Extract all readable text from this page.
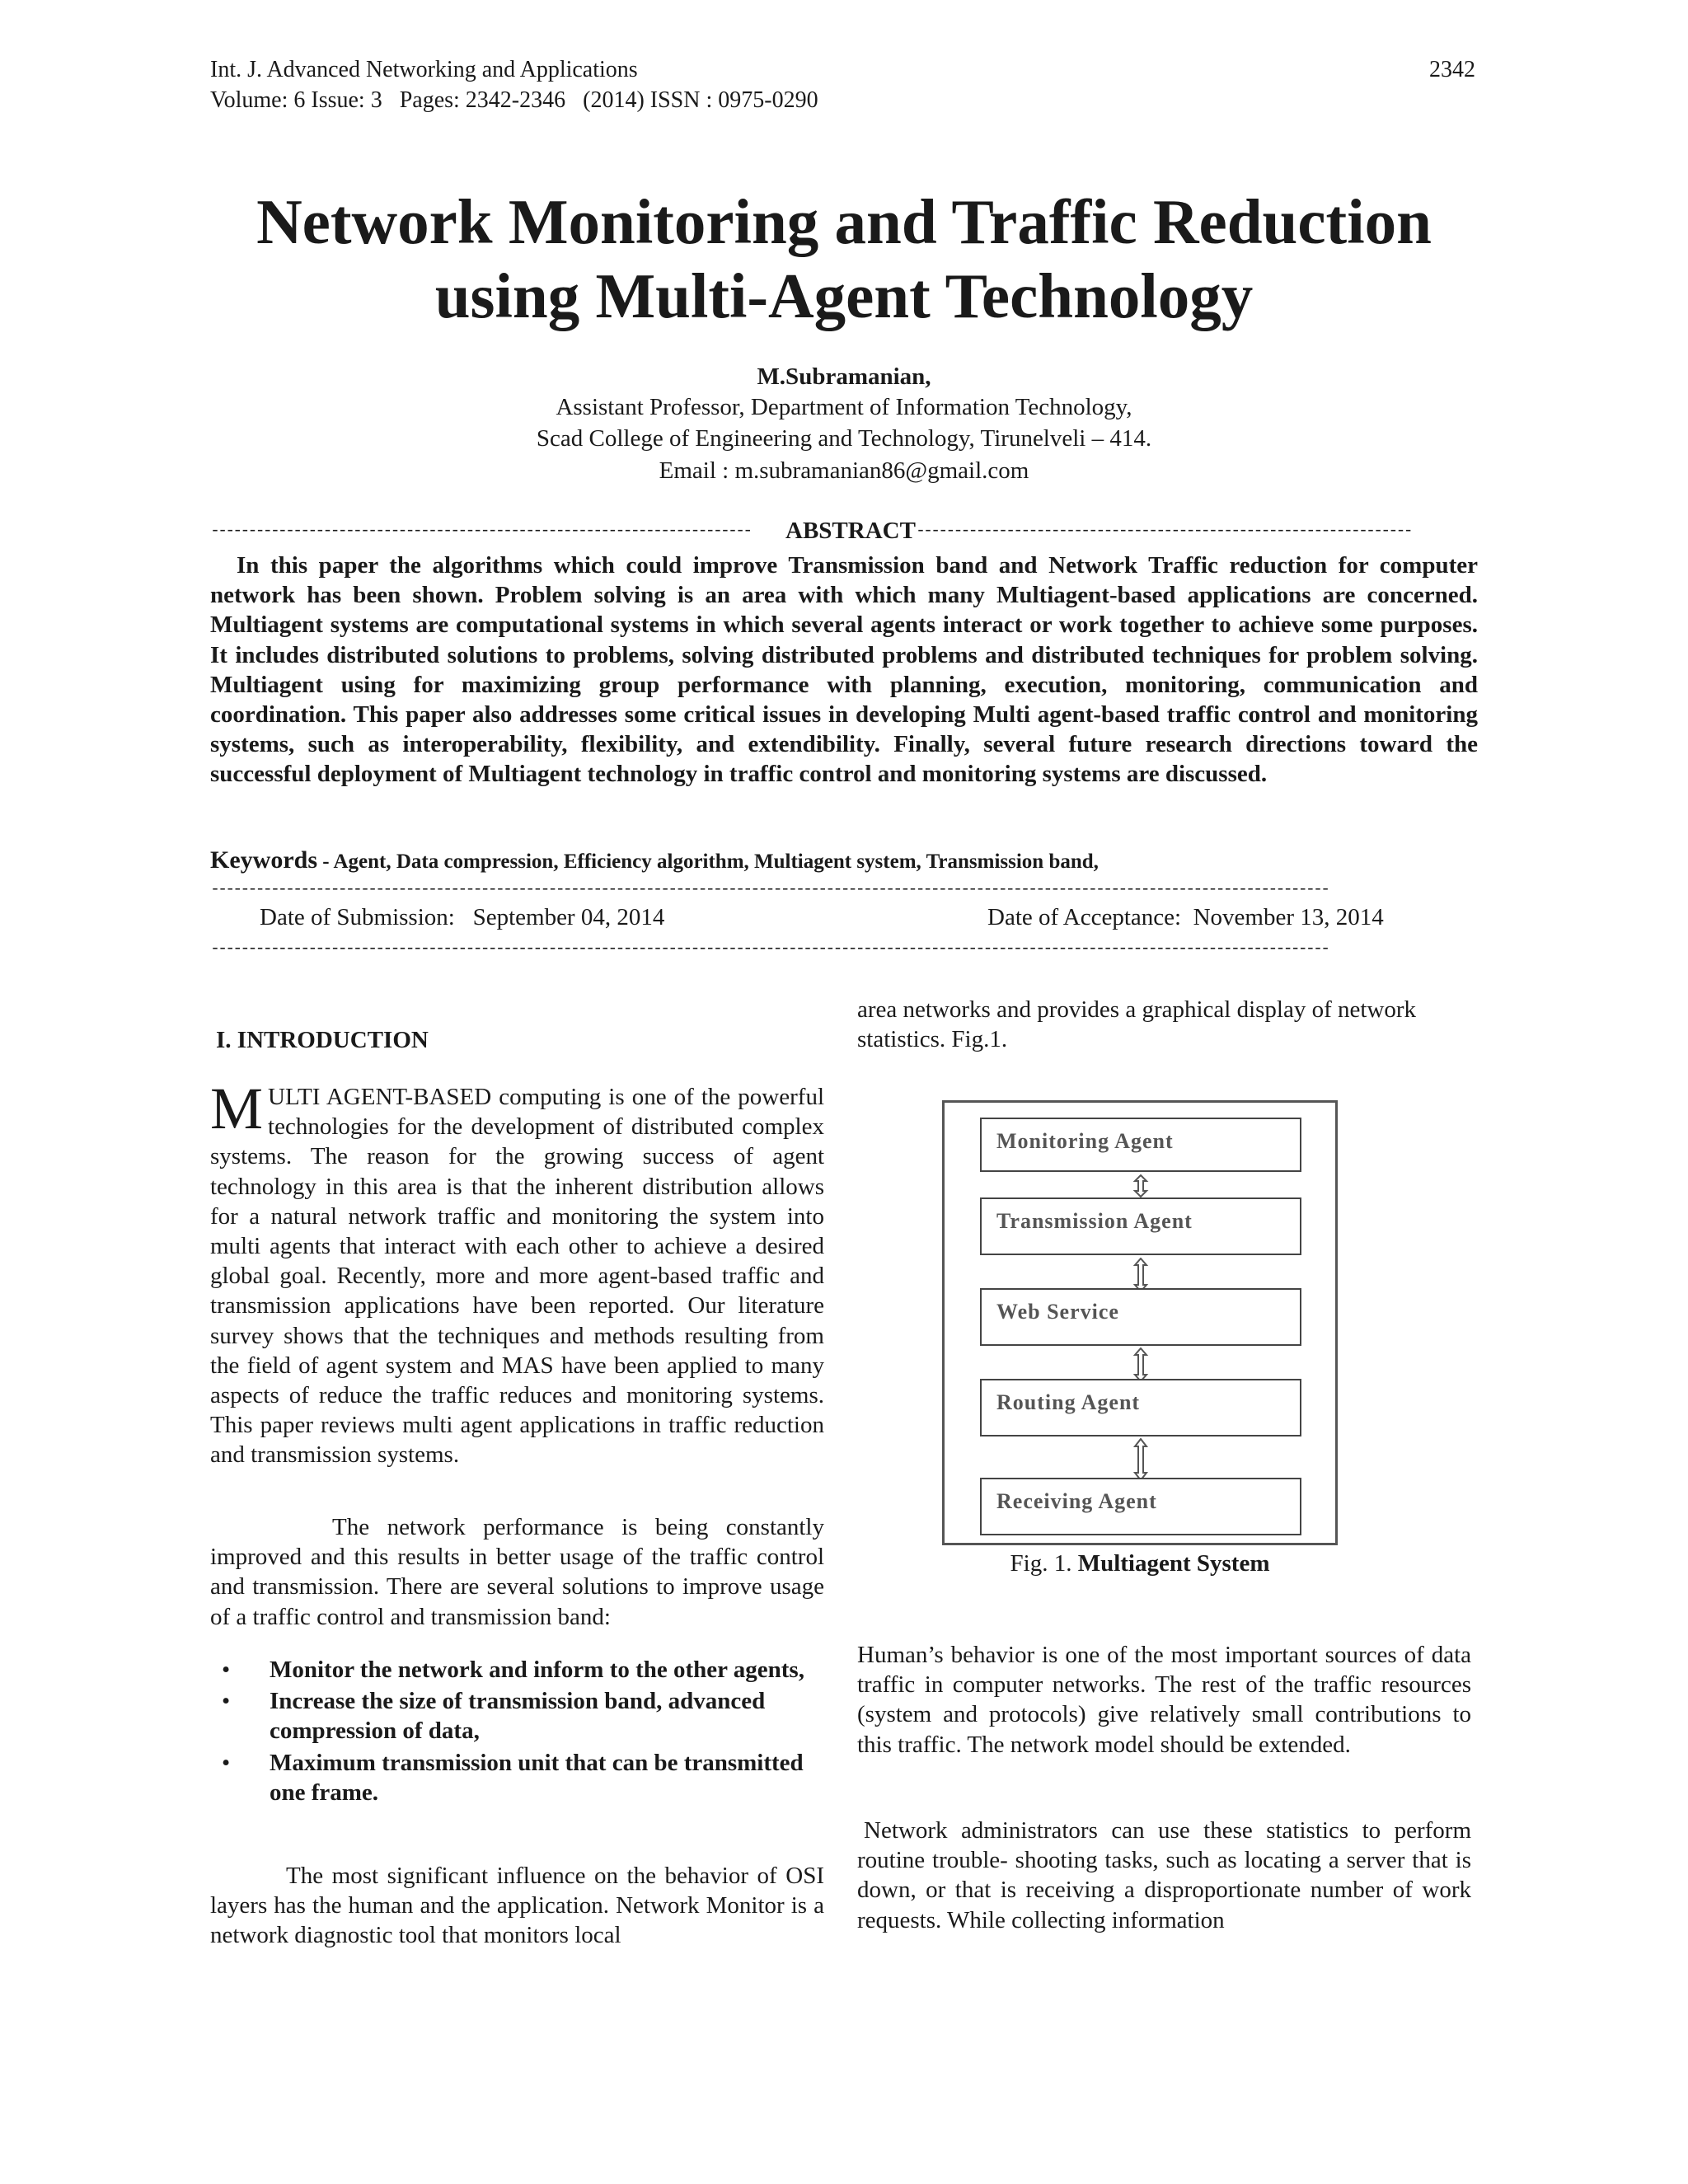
Int. J. Advanced Networking and Applications
Volume: 6 Issue: 3   Pages: 2342-2346   (2014) ISSN : 0975-0290
2342
Network Monitoring and Traffic Reduction
using Multi-Agent Technology
M.Subramanian,
Assistant Professor, Department of Information Technology,
Scad College of Engineering and Technology, Tirunelveli – 414.
Email : m.subramanian86@gmail.com
------------------------------------------------------------------------ ABSTRACT------------------------------------------------------------------
In this paper the algorithms which could improve Transmission band and Network Traffic reduction for computer network has been shown. Problem solving is an area with which many Multiagent-based applications are concerned. Multiagent systems are computational systems in which several agents interact or work together to achieve some purposes. It includes distributed solutions to problems, solving distributed problems and distributed techniques for problem solving. Multiagent using for maximizing group performance with planning, execution, monitoring, communication and coordination. This paper also addresses some critical issues in developing Multi agent-based traffic control and monitoring systems, such as interoperability, flexibility, and extendibility. Finally, several future research directions toward the successful deployment of Multiagent technology in traffic control and monitoring systems are discussed.
Keywords - Agent, Data compression, Efficiency algorithm, Multiagent system, Transmission band,
-----------------------------------------------------------------------------------------------------------------------------------------------------
Date of Submission:   September 04, 2014	Date of Acceptance:  November 13, 2014
-----------------------------------------------------------------------------------------------------------------------------------------------------
I. INTRODUCTION
MULTI AGENT-BASED computing is one of the powerful technologies for the development of distributed complex systems. The reason for the growing success of agent technology in this area is that the inherent distribution allows for a natural network traffic and monitoring the system into multi agents that interact with each other to achieve a desired global goal. Recently, more and more agent-based traffic and transmission applications have been reported. Our literature survey shows that the techniques and methods resulting from the field of agent system and MAS have been applied to many aspects of reduce the traffic reduces and monitoring systems. This paper reviews multi agent applications in traffic reduction and transmission systems.
The network performance is being constantly improved and this results in better usage of the traffic control and transmission. There are several solutions to improve usage of a traffic control and transmission band:
• Monitor the network and inform to the other agents,
• Increase the size of transmission band, advanced compression of data,
• Maximum transmission unit that can be transmitted one frame.
The most significant influence on the behavior of OSI layers has the human and the application. Network Monitor is a network diagnostic tool that monitors local
area networks and provides a graphical display of network statistics. Fig.1.
Monitoring Agent
Transmission Agent
Web Service
Routing Agent
Receiving Agent
Fig. 1. Multiagent System
Human’s behavior is one of the most important sources of data traffic in computer networks. The rest of the traffic resources (system and protocols) give relatively small contributions to this traffic. The network model should be extended.
Network administrators can use these statistics to perform routine trouble- shooting tasks, such as locating a server that is down, or that is receiving a disproportionate number of work requests. While collecting information
